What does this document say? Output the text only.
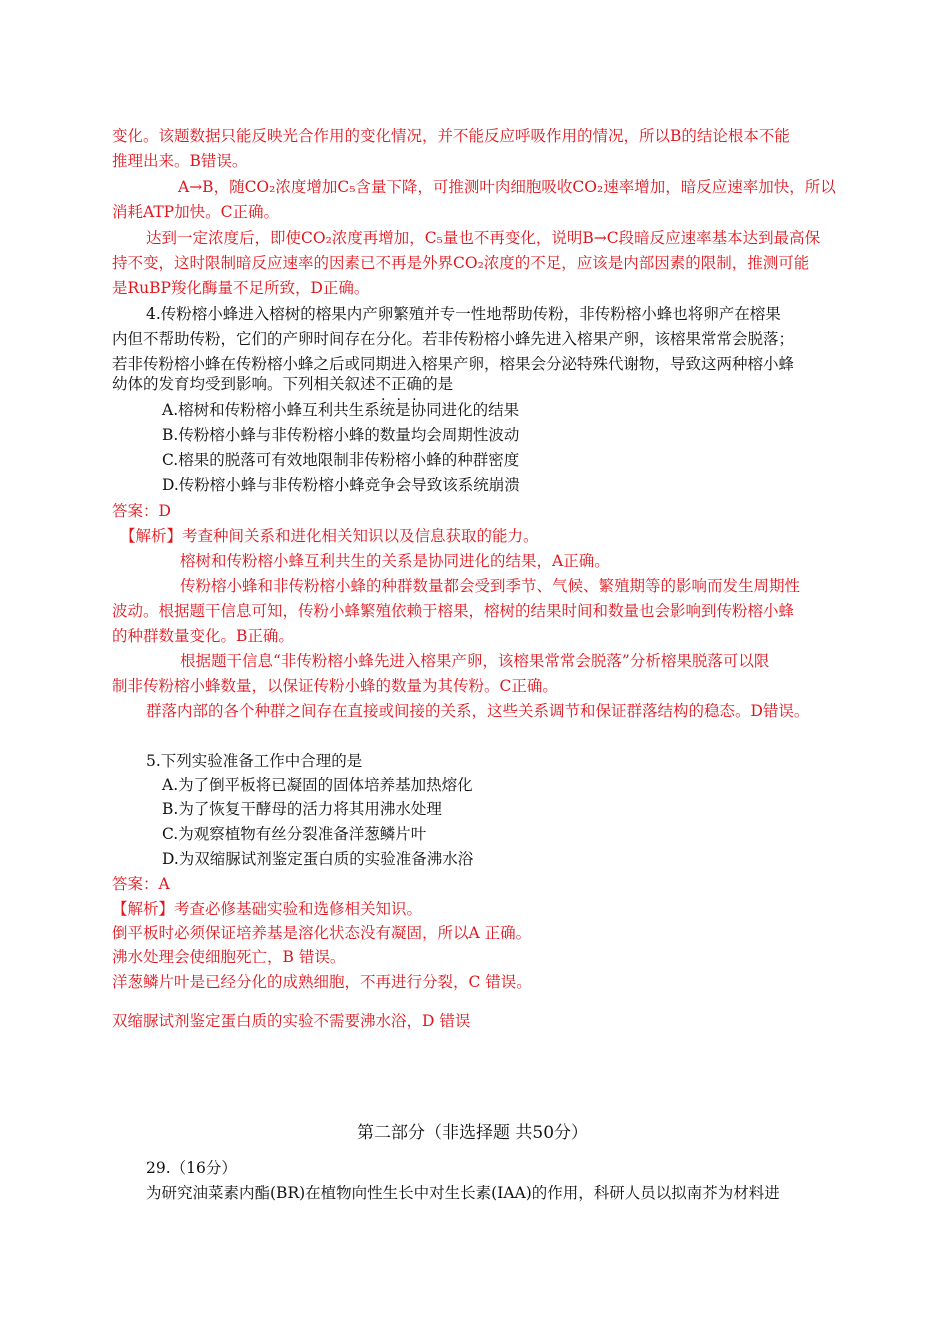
变化。该题数据只能反映光合作用的变化情况，并不能反应呼吸作用的情况，所以B的结论根本不能
推理出来。B错误。
A→B，随CO₂浓度增加C₅含量下降，可推测叶肉细胞吸收CO₂速率增加，暗反应速率加快，所以
消耗ATP加快。C正确。
达到一定浓度后，即使CO₂浓度再增加，C₅量也不再变化，说明B→C段暗反应速率基本达到最高保
持不变，这时限制暗反应速率的因素已不再是外界CO₂浓度的不足，应该是内部因素的限制，推测可能
是RuBP羧化酶量不足所致，D正确。
4.传粉榕小蜂进入榕树的榕果内产卵繁殖并专一性地帮助传粉，非传粉榕小蜂也将卵产在榕果
内但不帮助传粉，它们的产卵时间存在分化。若非传粉榕小蜂先进入榕果产卵，该榕果常常会脱落；
若非传粉榕小蜂在传粉榕小蜂之后或同期进入榕果产卵，榕果会分泌特殊代谢物，导致这两种榕小蜂
幼体的发育均受到影响。下列相关叙述不正确的是
A.榕树和传粉榕小蜂互利共生系统是协同进化的结果
B.传粉榕小蜂与非传粉榕小蜂的数量均会周期性波动
C.榕果的脱落可有效地限制非传粉榕小蜂的种群密度
D.传粉榕小蜂与非传粉榕小蜂竞争会导致该系统崩溃
答案：D
【解析】考查种间关系和进化相关知识以及信息获取的能力。
榕树和传粉榕小蜂互利共生的关系是协同进化的结果，A正确。
传粉榕小蜂和非传粉榕小蜂的种群数量都会受到季节、气候、繁殖期等的影响而发生周期性
波动。根据题干信息可知，传粉小蜂繁殖依赖于榕果，榕树的结果时间和数量也会影响到传粉榕小蜂
的种群数量变化。B正确。
根据题干信息“非传粉榕小蜂先进入榕果产卵，该榕果常常会脱落”分析榕果脱落可以限
制非传粉榕小蜂数量，以保证传粉小蜂的数量为其传粉。C正确。
群落内部的各个种群之间存在直接或间接的关系，这些关系调节和保证群落结构的稳态。D错误。
5.下列实验准备工作中合理的是
A.为了倒平板将已凝固的固体培养基加热熔化
B.为了恢复干酵母的活力将其用沸水处理
C.为观察植物有丝分裂准备洋葱鳞片叶
D.为双缩脲试剂鉴定蛋白质的实验准备沸水浴
答案：A
【解析】考查必修基础实验和选修相关知识。
倒平板时必须保证培养基是溶化状态没有凝固，所以A 正确。
沸水处理会使细胞死亡，B 错误。
洋葱鳞片叶是已经分化的成熟细胞，不再进行分裂，C 错误。
双缩脲试剂鉴定蛋白质的实验不需要沸水浴，D 错误
第二部分（非选择题 共50分）
29.（16分）
为研究油菜素内酯(BR)在植物向性生长中对生长素(IAA)的作用，科研人员以拟南芥为材料进
